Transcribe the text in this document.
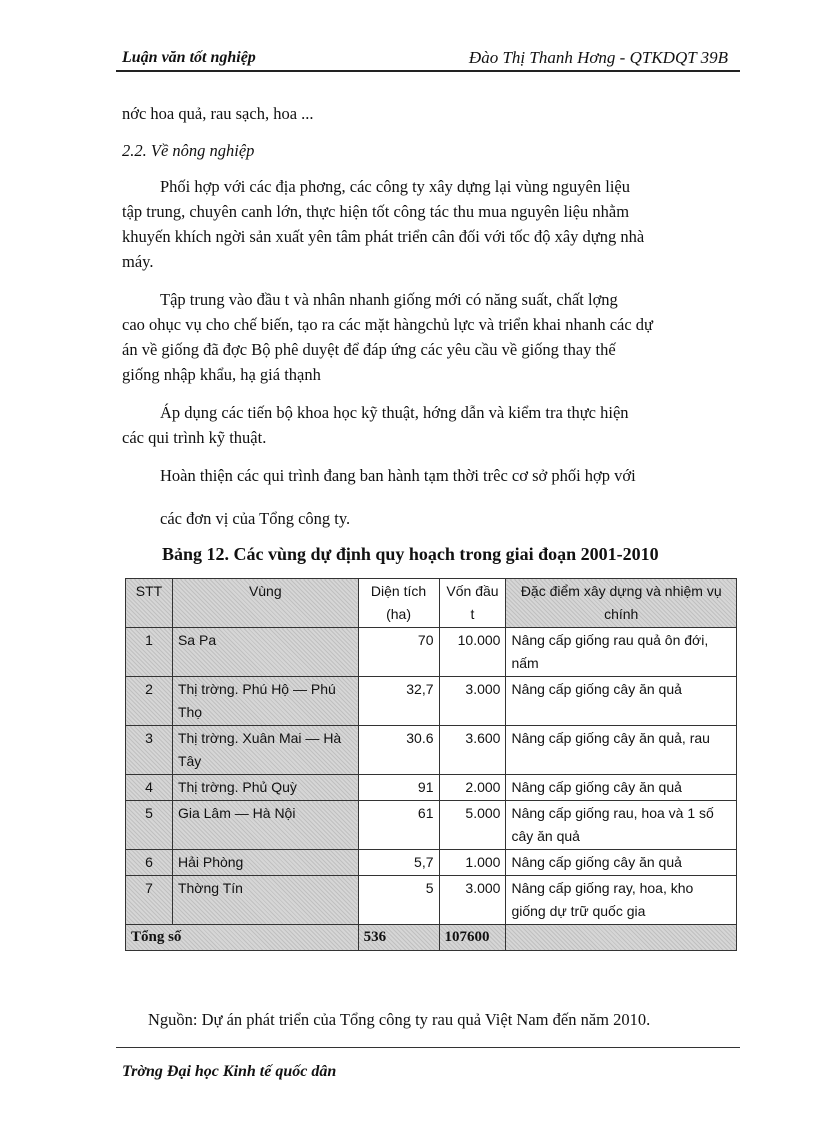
Luận văn tốt nghiệp	Đào Thị Thanh Hơng - QTKDQT 39B
nớc hoa quả, rau sạch, hoa ...
2.2. Về nông nghiệp
Phối hợp với các địa phơng, các công ty xây dựng lại vùng nguyên liệu
tập trung, chuyên canh lớn, thực hiện tốt công tác thu mua nguyên liệu nhằm
khuyến khích ngời sản xuất yên tâm phát triển cân đối với tốc độ xây dựng nhà
máy.
Tập trung vào đầu t và nhân nhanh giống mới có năng suất, chất lợng
cao ohục vụ cho chế biến, tạo ra các mặt hàngchủ lực và triển khai nhanh các dự
án về giống đã đợc Bộ phê duyệt để đáp ứng các yêu cầu về giống thay thế
giống nhập khẩu, hạ giá thạnh
Áp dụng các tiến bộ khoa học kỹ thuật, hớng dẫn và kiểm tra thực hiện
các qui trình kỹ thuật.
Hoàn thiện các qui trình đang ban hành tạm thời trêc cơ sở phối hợp với
các đơn vị của Tổng công ty.
Bảng 12. Các vùng dự định quy hoạch trong giai đoạn 2001-2010
STT	Vùng	Diện tích (ha)	Vốn đầu t	Đặc điểm xây dựng và nhiệm vụ chính
1	Sa Pa	70	10.000	Nâng cấp giống rau quả ôn đới, nấm
2	Thị trờng. Phú Hộ — Phú Thọ	32,7	3.000	Nâng cấp giống cây ăn quả
3	Thị trờng. Xuân Mai — Hà Tây	30.6	3.600	Nâng cấp giống cây ăn quả, rau
4	Thị trờng. Phủ Quỳ	91	2.000	Nâng cấp giống cây ăn quả
5	Gia Lâm — Hà Nội	61	5.000	Nâng cấp giống rau, hoa và 1 số cây ăn quả
6	Hải Phòng	5,7	1.000	Nâng cấp giống cây ăn quả
7	Thờng Tín	5	3.000	Nâng cấp giống ray, hoa, kho giống dự trữ quốc gia
Tổng số		536	107600	
Nguồn: Dự án phát triển của Tổng công ty rau quả Việt Nam đến năm 2010.
Trờng Đại học Kinh tế quốc dân
